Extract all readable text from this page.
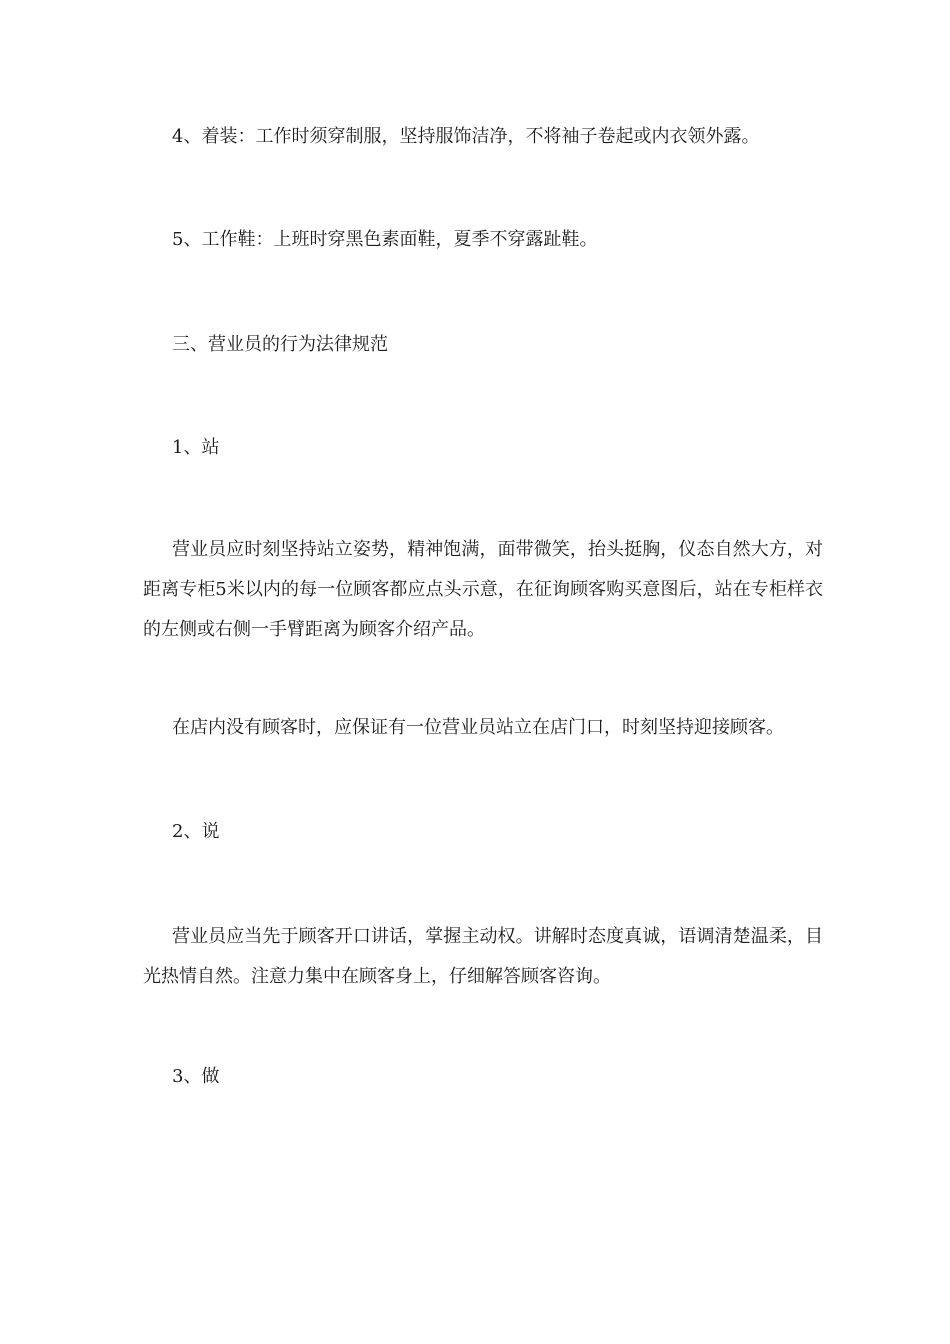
4、着装：工作时须穿制服，坚持服饰洁净，不将袖子卷起或内衣领外露。
5、工作鞋：上班时穿黑色素面鞋，夏季不穿露趾鞋。
三、营业员的行为法律规范
1、站
营业员应时刻坚持站立姿势，精神饱满，面带微笑，抬头挺胸，仪态自然大方，对距离专柜5米以内的每一位顾客都应点头示意，在征询顾客购买意图后，站在专柜样衣的左侧或右侧一手臂距离为顾客介绍产品。
在店内没有顾客时，应保证有一位营业员站立在店门口，时刻坚持迎接顾客。
2、说
营业员应当先于顾客开口讲话，掌握主动权。讲解时态度真诚，语调清楚温柔，目光热情自然。注意力集中在顾客身上，仔细解答顾客咨询。
3、做
